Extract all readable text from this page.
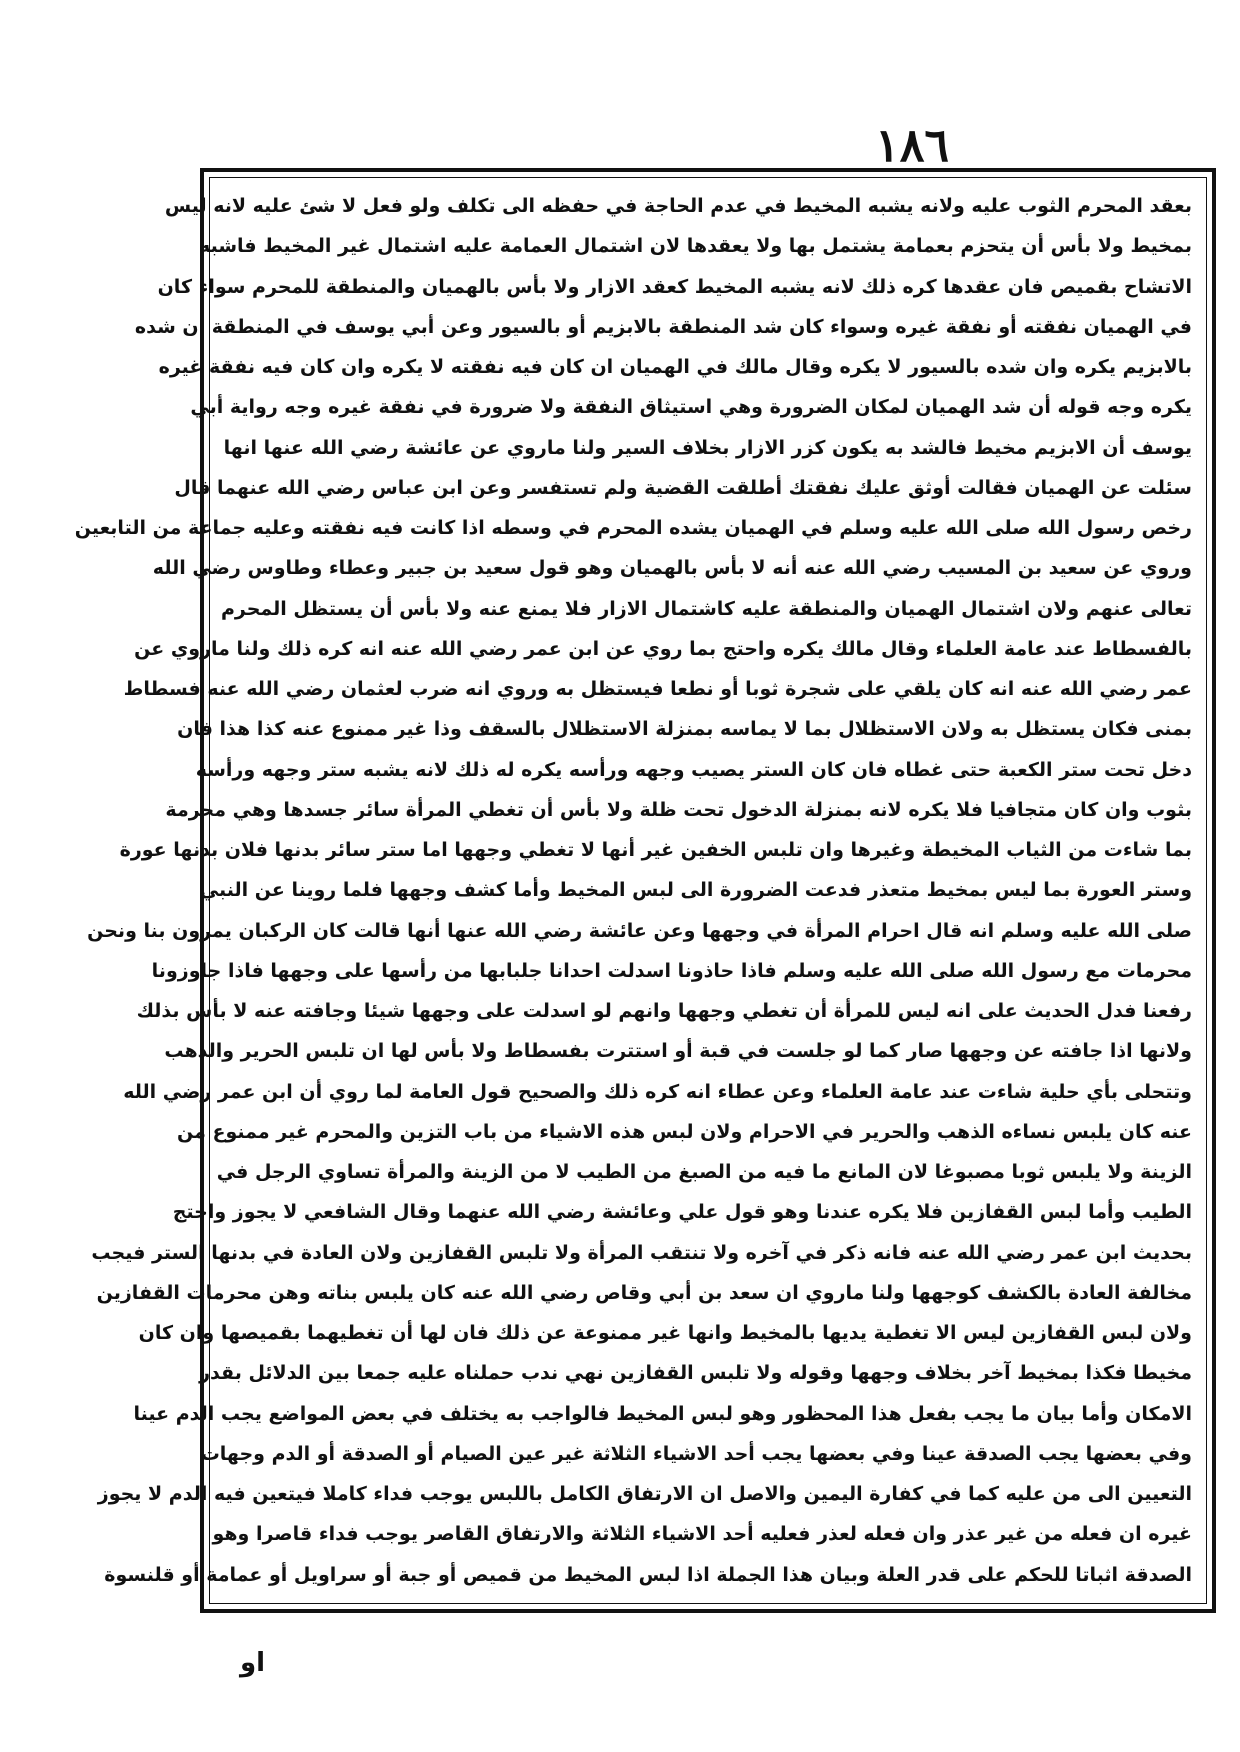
١٨٦
بعقد المحرم الثوب عليه ولانه يشبه المخيط في عدم الحاجة في حفظه الى تكلف ولو فعل لا شئ عليه لانه ليس
بمخيط ولا بأس أن يتحزم بعمامة يشتمل بها ولا يعقدها لان اشتمال العمامة عليه اشتمال غير المخيط فاشبه
الاتشاح بقميص فان عقدها كره ذلك لانه يشبه المخيط كعقد الازار ولا بأس بالهميان والمنطقة للمحرم سواء كان
في الهميان نفقته أو نفقة غيره وسواء كان شد المنطقة بالابزيم أو بالسيور وعن أبي يوسف في المنطقة ان شده
بالابزيم يكره وان شده بالسيور لا يكره وقال مالك في الهميان ان كان فيه نفقته لا يكره وان كان فيه نفقة غيره
يكره وجه قوله أن شد الهميان لمكان الضرورة وهي استيثاق النفقة ولا ضرورة في نفقة غيره وجه رواية أبي
يوسف أن الابزيم مخيط فالشد به يكون كزر الازار بخلاف السير ولنا ماروي عن عائشة رضي الله عنها انها
سئلت عن الهميان فقالت أوثق عليك نفقتك أطلقت القضية ولم تستفسر وعن ابن عباس رضي الله عنهما قال
رخص رسول الله صلى الله عليه وسلم في الهميان يشده المحرم في وسطه اذا كانت فيه نفقته وعليه جماعة من التابعين
وروي عن سعيد بن المسيب رضي الله عنه أنه لا بأس بالهميان وهو قول سعيد بن جبير وعطاء وطاوس رضي الله
تعالى عنهم ولان اشتمال الهميان والمنطقة عليه كاشتمال الازار فلا يمنع عنه ولا بأس أن يستظل المحرم
بالفسطاط عند عامة العلماء وقال مالك يكره واحتج بما روي عن ابن عمر رضي الله عنه انه كره ذلك ولنا ماروي عن
عمر رضي الله عنه انه كان يلقي على شجرة ثوبا أو نطعا فيستظل به وروي انه ضرب لعثمان رضي الله عنه فسطاط
بمنى فكان يستظل به ولان الاستظلال بما لا يماسه بمنزلة الاستظلال بالسقف وذا غير ممنوع عنه كذا هذا فان
دخل تحت ستر الكعبة حتى غطاه فان كان الستر يصيب وجهه ورأسه يكره له ذلك لانه يشبه ستر وجهه ورأسه
بثوب وان كان متجافيا فلا يكره لانه بمنزلة الدخول تحت ظلة ولا بأس أن تغطي المرأة سائر جسدها وهي محرمة
بما شاءت من الثياب المخيطة وغيرها وان تلبس الخفين غير أنها لا تغطي وجهها اما ستر سائر بدنها فلان بدنها عورة
وستر العورة بما ليس بمخيط متعذر فدعت الضرورة الى لبس المخيط وأما كشف وجهها فلما روينا عن النبي
صلى الله عليه وسلم انه قال احرام المرأة في وجهها وعن عائشة رضي الله عنها أنها قالت كان الركبان يمرون بنا ونحن
محرمات مع رسول الله صلى الله عليه وسلم فاذا حاذونا اسدلت احدانا جلبابها من رأسها على وجهها فاذا جاوزونا
رفعنا فدل الحديث على انه ليس للمرأة أن تغطي وجهها وانهم لو اسدلت على وجهها شيئا وجافته عنه لا بأس بذلك
ولانها اذا جافته عن وجهها صار كما لو جلست في قبة أو استترت بفسطاط ولا بأس لها ان تلبس الحرير والذهب
وتتحلى بأي حلية شاءت عند عامة العلماء وعن عطاء انه كره ذلك والصحيح قول العامة لما روي أن ابن عمر رضي الله
عنه كان يلبس نساءه الذهب والحرير في الاحرام ولان لبس هذه الاشياء من باب التزين والمحرم غير ممنوع من
الزينة ولا يلبس ثوبا مصبوغا لان المانع ما فيه من الصبغ من الطيب لا من الزينة والمرأة تساوي الرجل في
الطيب وأما لبس القفازين فلا يكره عندنا وهو قول علي وعائشة رضي الله عنهما وقال الشافعي لا يجوز واحتج
بحديث ابن عمر رضي الله عنه فانه ذكر في آخره ولا تنتقب المرأة ولا تلبس القفازين ولان العادة في بدنها الستر فيجب
مخالفة العادة بالكشف كوجهها ولنا ماروي ان سعد بن أبي وقاص رضي الله عنه كان يلبس بناته وهن محرمات القفازين
ولان لبس القفازين ليس الا تغطية يديها بالمخيط وانها غير ممنوعة عن ذلك فان لها أن تغطيهما بقميصها وان كان
مخيطا فكذا بمخيط آخر بخلاف وجهها وقوله ولا تلبس القفازين نهي ندب حملناه عليه جمعا بين الدلائل بقدر
الامكان وأما بيان ما يجب بفعل هذا المحظور وهو لبس المخيط فالواجب به يختلف في بعض المواضع يجب الدم عينا
وفي بعضها يجب الصدقة عينا وفي بعضها يجب أحد الاشياء الثلاثة غير عين الصيام أو الصدقة أو الدم وجهات
التعيين الى من عليه كما في كفارة اليمين والاصل ان الارتفاق الكامل باللبس يوجب فداء كاملا فيتعين فيه الدم لا يجوز
غيره ان فعله من غير عذر وان فعله لعذر فعليه أحد الاشياء الثلاثة والارتفاق القاصر يوجب فداء قاصرا وهو
الصدقة اثباتا للحكم على قدر العلة وبيان هذا الجملة اذا لبس المخيط من قميص أو جبة أو سراويل أو عمامة أو قلنسوة
او
